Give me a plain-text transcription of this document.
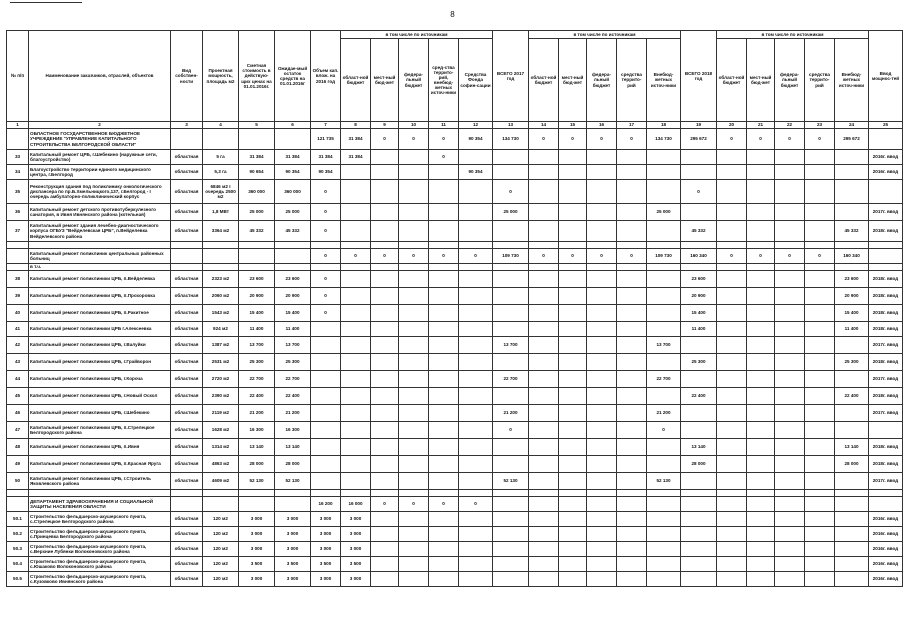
8
№ п/п	Наименование заказчиков, отраслей, объектов	Вид собствен-ности	Проектная мощность, площадь м2	Сметная стоимость в действую-щих ценах на 01.01.2016г.	Ожидае-мый остаток средств на 01.01.2016г	Объем кап. влож. на 2016 год	в том числе по источникам					ВСЕГО 2017 год	в том числе по источникам					ВСЕГО 2018 год	в том числе по источникам					Ввод мощнос-тей
							област-ной бюджет	мест-ный бюд-жет	федера-льный бюджет	сред-ства террито-рий, внебюд-жетных источ-ники	Средства Фонда софин-сации		област-ной бюджет	мест-ный бюд-жет	федера-льный бюджет	средства террито-рий	Внебюд-жетных источ-ники		област-ной бюджет	мест-ный бюд-жет	федера-льный бюджет	средства террито-рий	Внебюд-жетных источ-ники	
1	2	3	4	5	6	7	8	9	10	11	12	13	14	15	16	17	18	19	20	21	22	23	24	25
	ОБЛАСТНОЕ ГОСУДАРСТВЕННОЕ БЮДЖЕТНОЕ УЧРЕЖДЕНИЕ "УПРАВЛЕНИЕ КАПИТАЛЬНОГО СТРОИТЕЛЬСТВА БЕЛГОРОДСКОЙ ОБЛАСТИ"					121 735	31 384	0	0	0	90 354	134 730	0	0	0	0	134 730	295 672	0	0	0	0	295 672	
33	Капитальный ремонт ЦРБ, г.Шебекино (наружные сети, благоустройство)	областная	5 га	31 384	31 384	31 384	31 384			0														2016г. ввод
34	Благоустройство территории единого медицинского центра, г.Белгород	областная	5,3 га	90 654	90 354	90 354					90 354													2016г. ввод
35	Реконструкция здания под поликлинику онкологического диспансера по пр.Б.Хмельницкого,137, г.Белгород - I очередь амбулаторно-поликлинический корпус	областная	6846 м2 I очередь 2500 м2	360 000	360 000	0						0						0						
36	Капитальный ремонт детского противотуберкулезного санатория, в Ивня Ивнянского района (котельная)	областная	1,8 МВт	25 000	25 000	0						25 000					25 000							2017г. ввод
37	Капитальный ремонт здания лечебно-диагностического корпуса ОГБУЗ "Вейделевская ЦРБ", п.Вейделевка Вейделевского района	областная	3364 м2	45 332	45 332	0												45 332					45 332	2018г. ввод

	Капитальный ремонт поликлиник центральных районных больниц					0	0	0	0	0	0	109 730	0	0	0	0	109 730	160 340	0	0	0	0	160 340	
	в т.ч.																							
38	Капитальный ремонт поликлиники ЦРБ, п.Вейделевка	областная	2323 м2	23 600	23 600	0												23 600					23 600	2018г. ввод
39	Капитальный ремонт поликлиники ЦРБ, п.Прохоровка	областная	2060 м2	20 900	20 900	0												20 900					20 900	2018г. ввод
40	Капитальный ремонт поликлиники ЦРБ, п.Ракитное	областная	1543 м2	15 400	15 400	0												15 400					15 400	2018г. ввод
41	Капитальный ремонт поликлиники ЦРБ г.Алексеевка	областная	924 м2	11 400	11 400													11 400					11 400	2018г. ввод
42	Капитальный ремонт поликлиники ЦРБ, г.Валуйки	областная	1387 м2	13 700	13 700							13 700					13 700							2017г. ввод
43	Капитальный ремонт поликлиники ЦРБ, г.Грайворон	областная	2531 м2	25 300	25 300													25 300					25 300	2018г. ввод
44	Капитальный ремонт поликлиники ЦРБ, г.Короча	областная	2720 м2	22 700	22 700							22 700					22 700							2017г. ввод
45	Капитальный ремонт поликлиники ЦРБ, г.Новый Оскол	областная	2390 м2	22 400	22 400													22 400					22 400	2018г. ввод
46	Капитальный ремонт поликлиники ЦРБ, г.Шебекино	областная	2119 м2	21 200	21 200							21 200					21 200							2017г. ввод
47	Капитальный ремонт поликлиники ЦРБ, п.Стрелецкое Белгородского района	областная	1628 м2	16 300	16 300							0					0							
48	Капитальный ремонт поликлиники ЦРБ, п.Ивня	областная	1314 м2	13 140	13 140													13 140					13 140	2018г. ввод
49	Капитальный ремонт поликлиники ЦРБ, п.Красная Яруга	областная	4863 м2	28 000	28 000													28 000					28 000	2018г. ввод
50	Капитальный ремонт поликлиники ЦРБ, г.Строитель Яковлевского района	областная	4609 м2	52 130	52 130							52 130					52 130							2017г. ввод

	ДЕПАРТАМЕНТ ЗДРАВООХРАНЕНИЯ И СОЦИАЛЬНОЙ ЗАЩИТЫ НАСЕЛЕНИЯ ОБЛАСТИ					16 200	16 000	0	0	0	0													
50.1	Строительство фельдшерско-акушерского пункта, с.Стрелецкое Белгородского района	областная	120 м2	3 000	3 000	3 000	3 000																	2016г. ввод
50.2	Строительство фельдшерско-акушерского пункта, с.Принцевка Белгородского района	областная	120 м2	3 000	3 000	3 000	3 000																	2016г. ввод
50.3	Строительство фельдшерско-акушерского пункта, с.Верхние Лубянки Волоконовского района	областная	120 м2	3 000	3 000	3 000	3 000																	2016г. ввод
50.4	Строительство фельдшерско-акушерского пункта, с.Юшаково Волоконовского района	областная	120 м2	3 500	3 500	3 500	3 500																	2016г. ввод
50.5	Строительство фельдшерско-акушерского пункта, с.Кузовково Ивнянского района	областная	120 м2	3 000	3 000	3 000	3 000																	2016г. ввод
